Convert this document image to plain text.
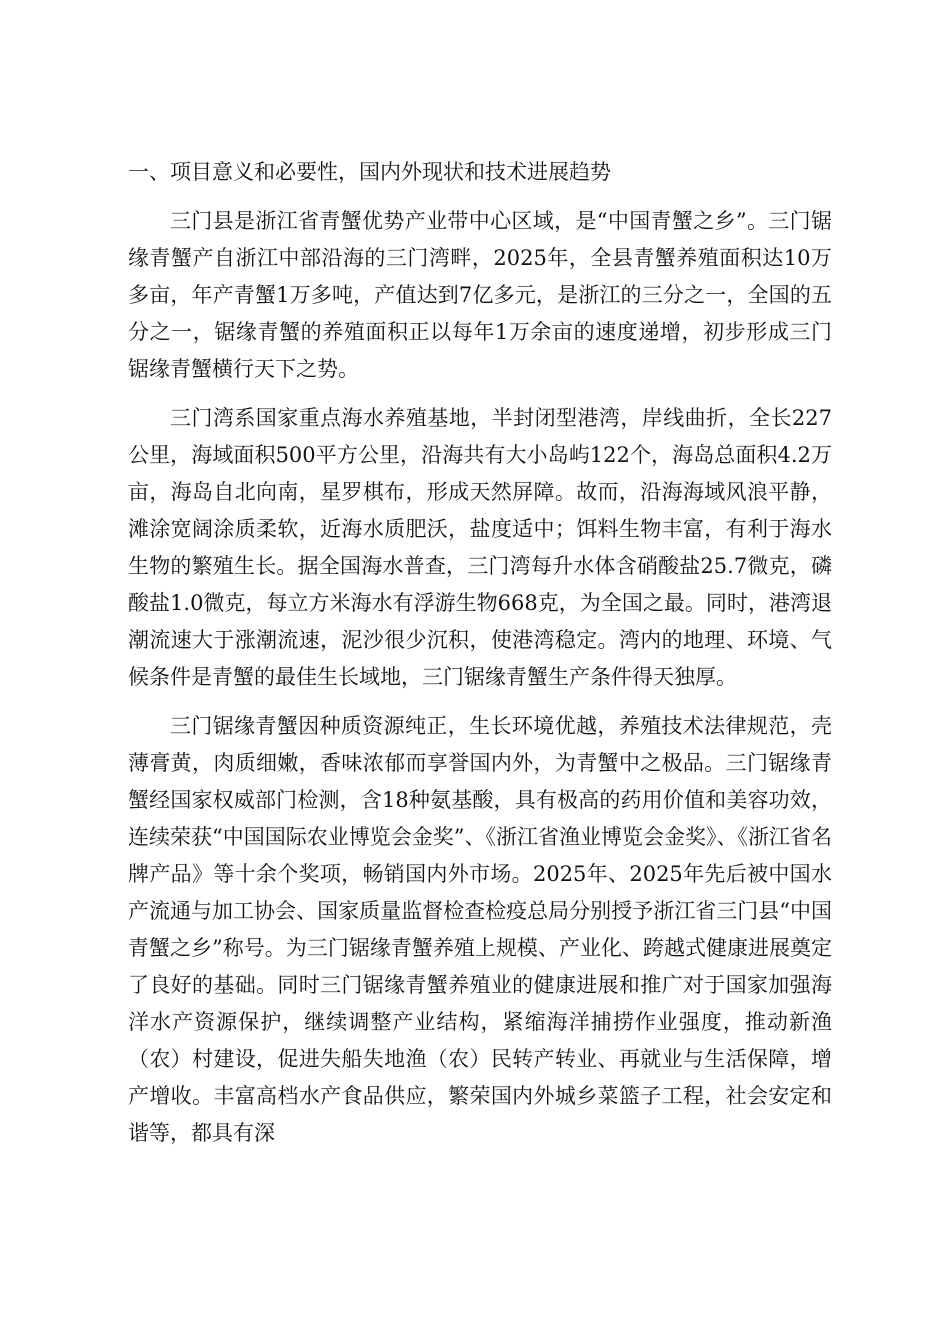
一、项目意义和必要性，国内外现状和技术进展趋势

三门县是浙江省青蟹优势产业带中心区域，是“中国青蟹之乡”。三门锯缘青蟹产自浙江中部沿海的三门湾畔，2025年，全县青蟹养殖面积达10万多亩，年产青蟹1万多吨，产值达到7亿多元，是浙江的三分之一，全国的五分之一，锯缘青蟹的养殖面积正以每年1万余亩的速度递增，初步形成三门锯缘青蟹横行天下之势。

三门湾系国家重点海水养殖基地，半封闭型港湾，岸线曲折，全长227公里，海域面积500平方公里，沿海共有大小岛屿122个，海岛总面积4.2万亩，海岛自北向南，星罗棋布，形成天然屏障。故而，沿海海域风浪平静，滩涂宽阔涂质柔软，近海水质肥沃，盐度适中；饵料生物丰富，有利于海水生物的繁殖生长。据全国海水普查，三门湾每升水体含硝酸盐25.7微克，磷酸盐1.0微克，每立方米海水有浮游生物668克，为全国之最。同时，港湾退潮流速大于涨潮流速，泥沙很少沉积，使港湾稳定。湾内的地理、环境、气候条件是青蟹的最佳生长域地，三门锯缘青蟹生产条件得天独厚。

三门锯缘青蟹因种质资源纯正，生长环境优越，养殖技术法律规范，壳薄膏黄，肉质细嫩，香味浓郁而享誉国内外，为青蟹中之极品。三门锯缘青蟹经国家权威部门检测，含18种氨基酸，具有极高的药用价值和美容功效，连续荣获“中国国际农业博览会金奖”、《浙江省渔业博览会金奖》、《浙江省名牌产品》等十余个奖项，畅销国内外市场。2025年、2025年先后被中国水产流通与加工协会、国家质量监督检查检疫总局分别授予浙江省三门县“中国青蟹之乡”称号。为三门锯缘青蟹养殖上规模、产业化、跨越式健康进展奠定了良好的基础。同时三门锯缘青蟹养殖业的健康进展和推广对于国家加强海洋水产资源保护，继续调整产业结构，紧缩海洋捕捞作业强度，推动新渔（农）村建设，促进失船失地渔（农）民转产转业、再就业与生活保障，增产增收。丰富高档水产食品供应，繁荣国内外城乡菜篮子工程，社会安定和谐等，都具有深
